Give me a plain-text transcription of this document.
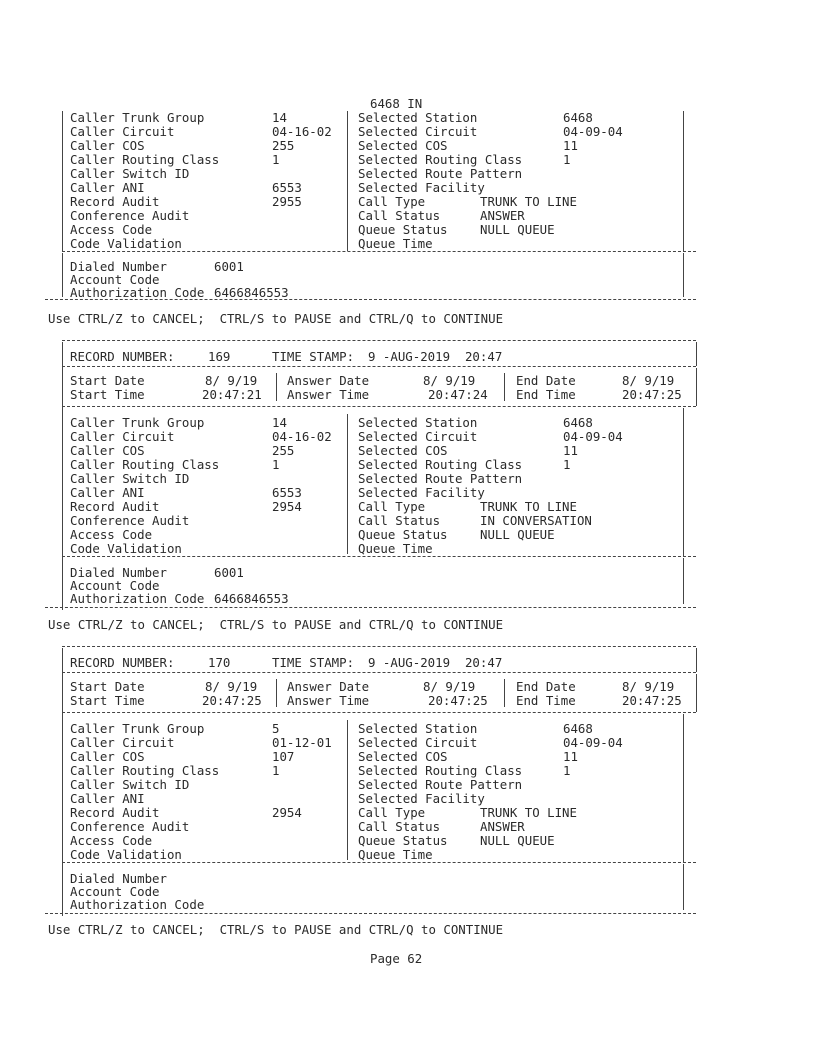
6468 IN
Caller Trunk Group	14
Caller Circuit	04-16-02
Caller COS	255
Caller Routing Class	1
Caller Switch ID
Caller ANI	6553
Record Audit	2955
Conference Audit
Access Code
Code Validation
Selected Station	6468
Selected Circuit	04-09-04
Selected COS	11
Selected Routing Class	1
Selected Route Pattern
Selected Facility
Call Type	TRUNK TO LINE
Call Status	ANSWER
Queue Status	NULL QUEUE
Queue Time
Dialed Number	6001
Account Code
Authorization Code 6466846553
Use CTRL/Z to CANCEL;  CTRL/S to PAUSE and CTRL/Q to CONTINUE
RECORD NUMBER:	169	TIME STAMP: 9 -AUG-2019  20:47
Start Date	8/ 9/19 Answer Date	8/ 9/19	End Date	8/ 9/19
Start Time	20:47:21 Answer Time	20:47:24 End Time	20:47:25
Caller Trunk Group	14
Caller Circuit	04-16-02
Caller COS	255
Caller Routing Class	1
Caller Switch ID
Caller ANI	6553
Record Audit	2954
Conference Audit
Access Code
Code Validation
Selected Station	6468
Selected Circuit	04-09-04
Selected COS	11
Selected Routing Class	1
Selected Route Pattern
Selected Facility
Call Type	TRUNK TO LINE
Call Status	IN CONVERSATION
Queue Status	NULL QUEUE
Queue Time
Dialed Number	6001
Account Code
Authorization Code 6466846553
Use CTRL/Z to CANCEL;  CTRL/S to PAUSE and CTRL/Q to CONTINUE
RECORD NUMBER:	170	TIME STAMP: 9 -AUG-2019  20:47
Start Date	8/ 9/19 Answer Date	8/ 9/19	End Date	8/ 9/19
Start Time	20:47:25 Answer Time	20:47:25 End Time	20:47:25
Caller Trunk Group	5
Caller Circuit	01-12-01
Caller COS	107
Caller Routing Class	1
Caller Switch ID
Caller ANI
Record Audit	2954
Conference Audit
Access Code
Code Validation
Selected Station	6468
Selected Circuit	04-09-04
Selected COS	11
Selected Routing Class	1
Selected Route Pattern
Selected Facility
Call Type	TRUNK TO LINE
Call Status	ANSWER
Queue Status	NULL QUEUE
Queue Time
Dialed Number
Account Code
Authorization Code
Use CTRL/Z to CANCEL;  CTRL/S to PAUSE and CTRL/Q to CONTINUE
Page 62
